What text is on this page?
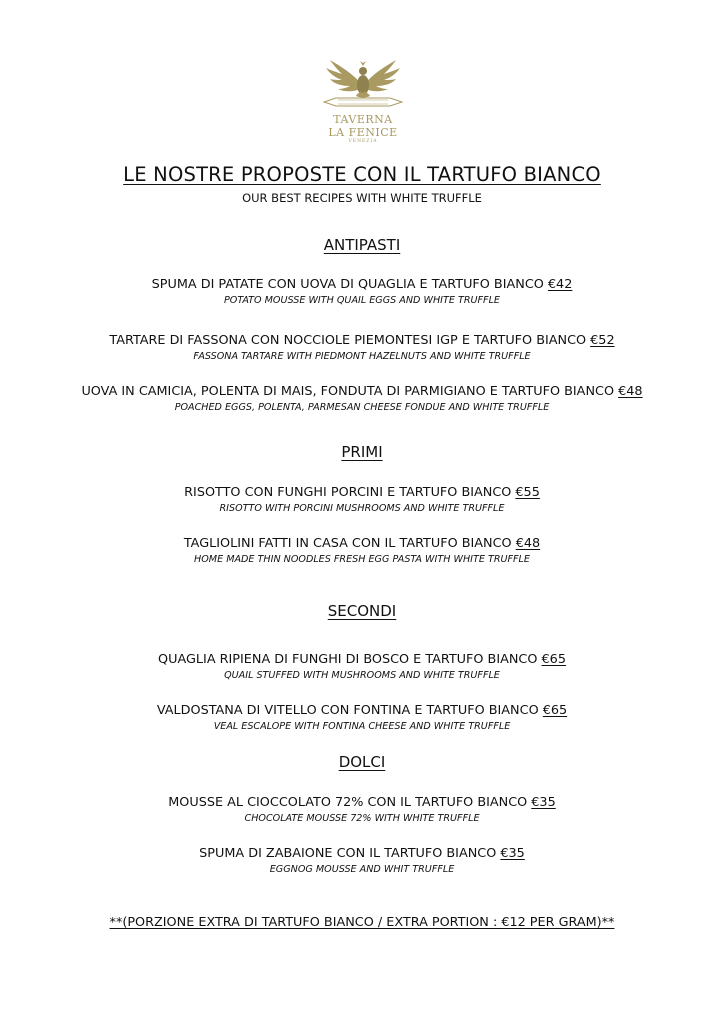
TAVERNA
LA FENICE
VENEZIA
LE NOSTRE PROPOSTE CON IL TARTUFO BIANCO
OUR BEST RECIPES WITH WHITE TRUFFLE
ANTIPASTI
SPUMA DI PATATE CON UOVA DI QUAGLIA E TARTUFO BIANCO €42
POTATO MOUSSE WITH QUAIL EGGS AND WHITE TRUFFLE
TARTARE DI FASSONA CON NOCCIOLE PIEMONTESI IGP E TARTUFO BIANCO €52
FASSONA TARTARE WITH PIEDMONT HAZELNUTS AND WHITE TRUFFLE
UOVA IN CAMICIA, POLENTA DI MAIS, FONDUTA DI PARMIGIANO E TARTUFO BIANCO €48
POACHED EGGS, POLENTA, PARMESAN CHEESE FONDUE AND WHITE TRUFFLE
PRIMI
RISOTTO CON FUNGHI PORCINI E TARTUFO BIANCO €55
RISOTTO WITH PORCINI MUSHROOMS AND WHITE TRUFFLE
TAGLIOLINI FATTI IN CASA CON IL TARTUFO BIANCO €48
HOME MADE THIN NOODLES FRESH EGG PASTA WITH WHITE TRUFFLE
SECONDI
QUAGLIA RIPIENA DI FUNGHI DI BOSCO E TARTUFO BIANCO €65
QUAIL STUFFED WITH MUSHROOMS AND WHITE TRUFFLE
VALDOSTANA DI VITELLO CON FONTINA E TARTUFO BIANCO €65
VEAL ESCALOPE WITH FONTINA CHEESE AND WHITE TRUFFLE
DOLCI
MOUSSE AL CIOCCOLATO 72% CON IL TARTUFO BIANCO €35
CHOCOLATE MOUSSE 72% WITH WHITE TRUFFLE
SPUMA DI ZABAIONE CON IL TARTUFO BIANCO €35
EGGNOG MOUSSE AND WHIT TRUFFLE
**(PORZIONE EXTRA DI TARTUFO BIANCO / EXTRA PORTION : €12 PER GRAM)**
